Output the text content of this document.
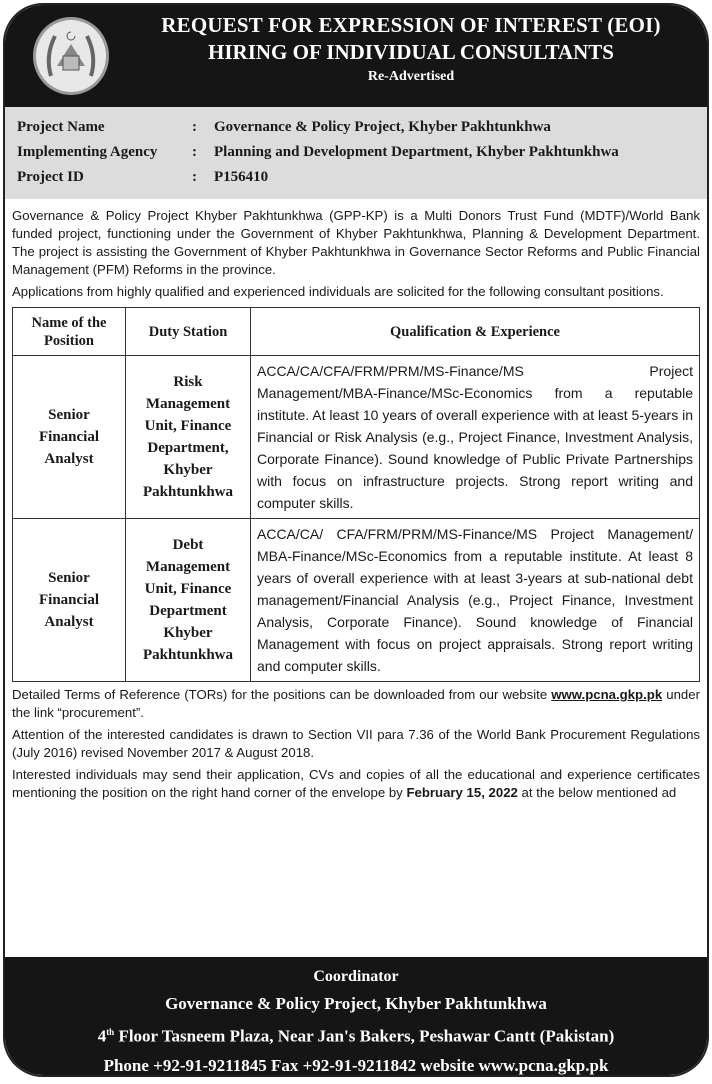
REQUEST FOR EXPRESSION OF INTEREST (EOI)
HIRING OF INDIVIDUAL CONSULTANTS
Re-Advertised
Project Name	:	Governance & Policy Project, Khyber Pakhtunkhwa
Implementing Agency	:	Planning and Development Department, Khyber Pakhtunkhwa
Project ID	:	P156410

Governance & Policy Project Khyber Pakhtunkhwa (GPP-KP) is a Multi Donors Trust Fund (MDTF)/World Bank funded project, functioning under the Government of Khyber Pakhtunkhwa, Planning & Development Department. The project is assisting the Government of Khyber Pakhtunkhwa in Governance Sector Reforms and Public Financial Management (PFM) Reforms in the province.

Applications from highly qualified and experienced individuals are solicited for the following consultant positions.

Name of the Position	Duty Station	Qualification & Experience
Senior Financial Analyst	Risk Management Unit, Finance Department, Khyber Pakhtunkhwa	ACCA/CA/CFA/FRM/PRM/MS-Finance/MS Project Management/MBA-Finance/MSc-Economics from a reputable institute. At least 10 years of overall experience with at least 5-years in Financial or Risk Analysis (e.g., Project Finance, Investment Analysis, Corporate Finance). Sound knowledge of Public Private Partnerships with focus on infrastructure projects. Strong report writing and computer skills.
Senior Financial Analyst	Debt Management Unit, Finance Department Khyber Pakhtunkhwa	ACCA/CA/ CFA/FRM/PRM/MS-Finance/MS Project Management/ MBA-Finance/MSc-Economics from a reputable institute. At least 8 years of overall experience with at least 3-years at sub-national debt management/Financial Analysis (e.g., Project Finance, Investment Analysis, Corporate Finance). Sound knowledge of Financial Management with focus on project appraisals. Strong report writing and computer skills.

Detailed Terms of Reference (TORs) for the positions can be downloaded from our website www.pcna.gkp.pk under the link “procurement”.

Attention of the interested candidates is drawn to Section VII para 7.36 of the World Bank Procurement Regulations (July 2016) revised November 2017 & August 2018.

Interested individuals may send their application, CVs and copies of all the educational and experience certificates mentioning the position on the right hand corner of the envelope by February 15, 2022 at the below mentioned ad

Coordinator
Governance & Policy Project, Khyber Pakhtunkhwa
4th Floor Tasneem Plaza, Near Jan's Bakers, Peshawar Cantt (Pakistan)
Phone +92-91-9211845 Fax +92-91-9211842 website www.pcna.gkp.pk
